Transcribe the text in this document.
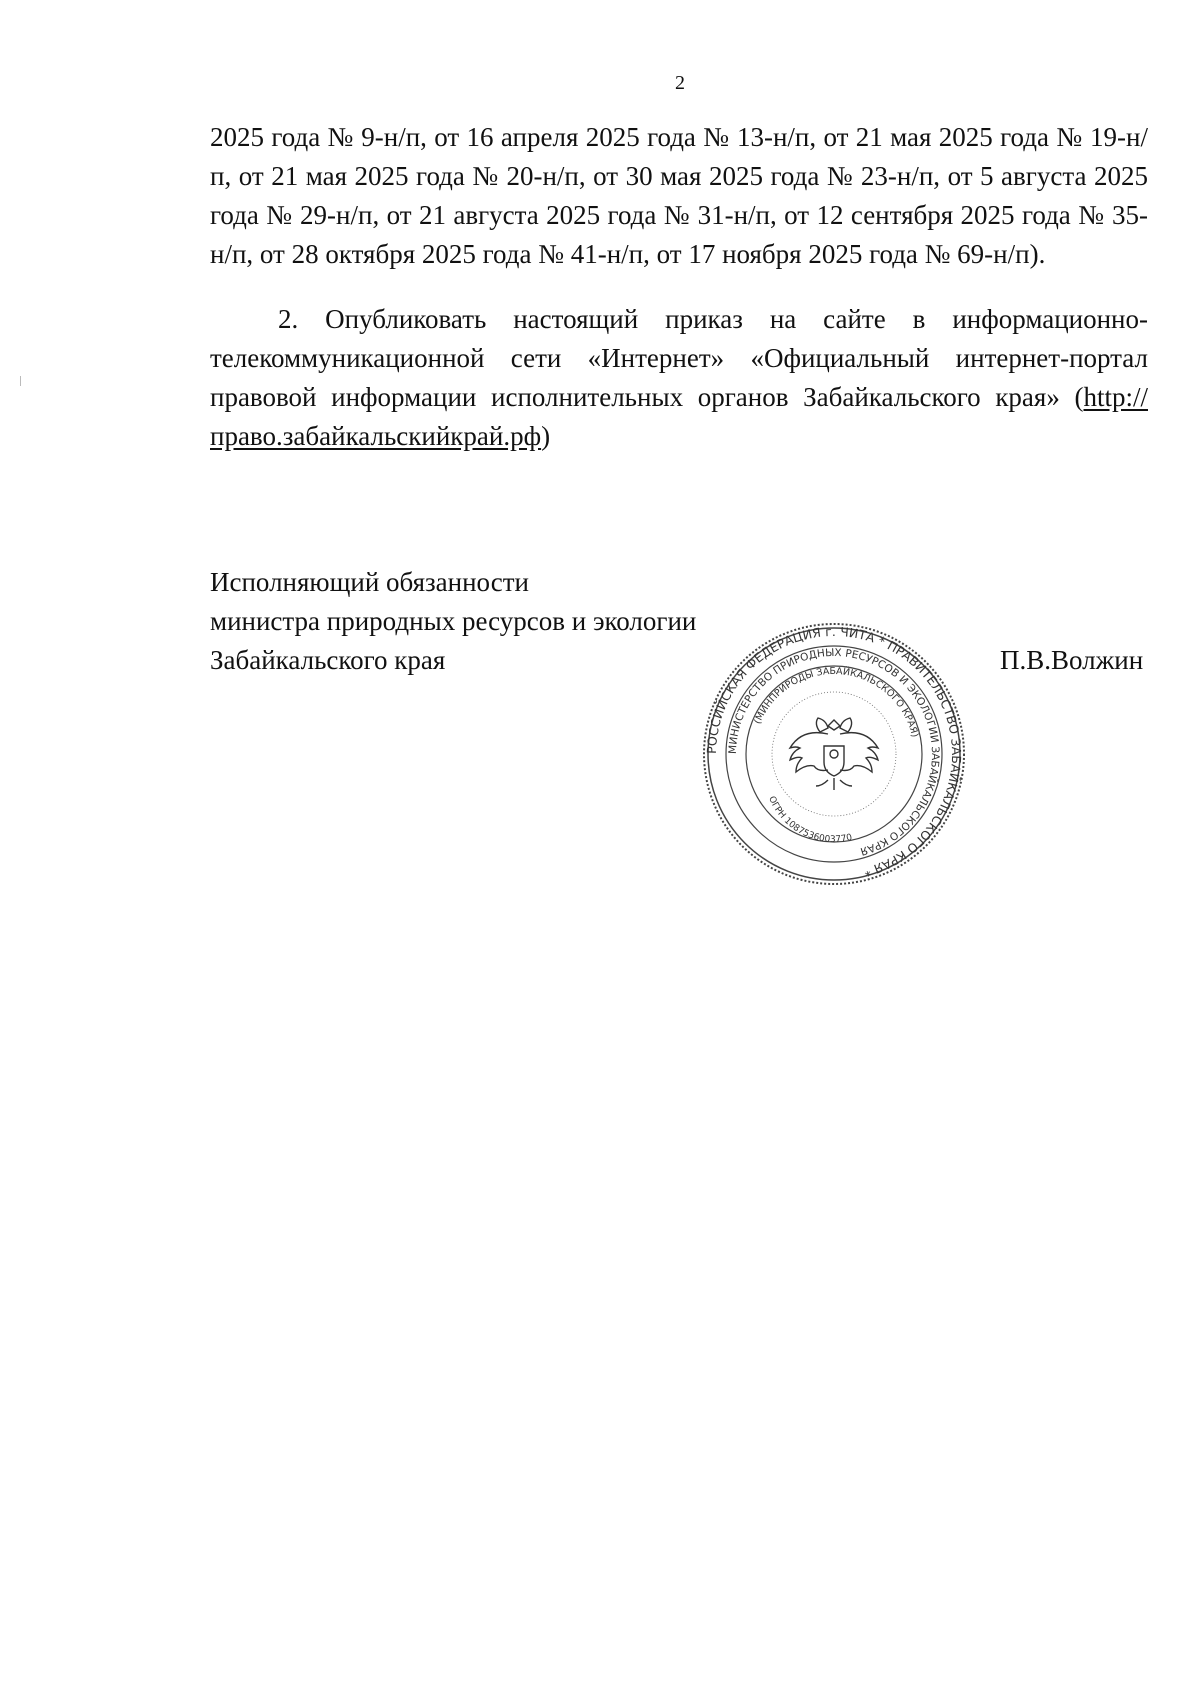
2

2025 года № 9-н/п, от 16 апреля 2025 года № 13-н/п, от 21 мая 2025 года № 19-н/п, от 21 мая 2025 года № 20-н/п, от 30 мая 2025 года № 23-н/п, от 5 августа 2025 года № 29-н/п, от 21 августа 2025 года № 31-н/п, от 12 сентября 2025 года № 35-н/п, от 28 октября 2025 года № 41-н/п, от 17 ноября 2025 года № 69-н/п).

2. Опубликовать настоящий приказ на сайте в информационно-телекоммуникационной сети «Интернет» «Официальный интернет-портал правовой информации исполнительных органов Забайкальского края» (http://право.забайкальскийкрай.рф)

Исполняющий обязанности
министра природных ресурсов и экологии
Забайкальского края	П.В.Волжин
РОССИЙСКАЯ ФЕДЕРАЦИЯ г. ЧИТА * ПРАВИТЕЛЬСТВО ЗАБАЙКАЛЬСКОГО КРАЯ *
МИНИСТЕРСТВО ПРИРОДНЫХ РЕСУРСОВ И ЭКОЛОГИИ ЗАБАЙКАЛЬСКОГО КРАЯ
(МИНПРИРОДЫ ЗАБАЙКАЛЬСКОГО КРАЯ)
ОГРН 1087536003770
